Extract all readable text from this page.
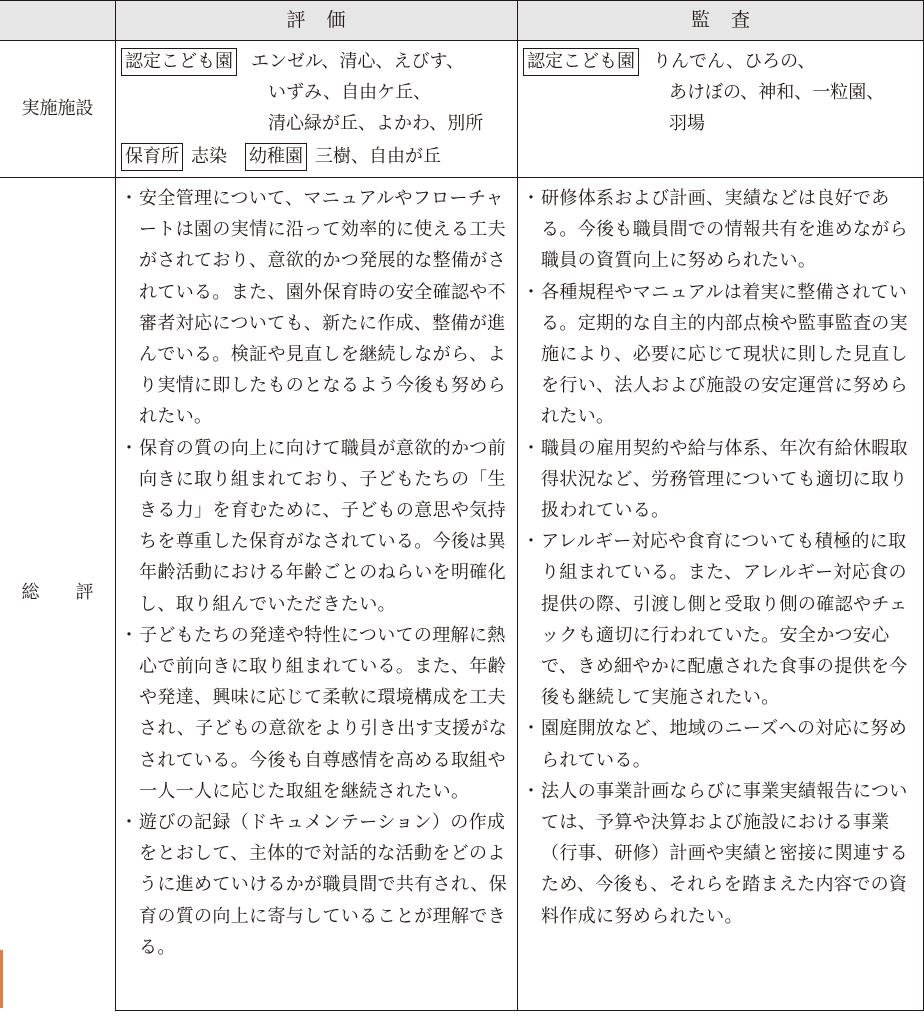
評　価	監　査
実施施設
総　　評
認定こども園 エンゼル、清心、えびす、
いずみ、自由ケ丘、
清心緑が丘、よかわ、別所
保育所 志染 幼稚園 三樹、自由が丘
認定こども園 りんでん、ひろの、
あけぼの、神和、一粒園、
羽場
・ 安全管理について、マニュアルやフローチャートは園の実情に沿って効率的に使える工夫がされており、意欲的かつ発展的な整備がされている。また、園外保育時の安全確認や不審者対応についても、新たに作成、整備が進んでいる。検証や見直しを継続しながら、より実情に即したものとなるよう今後も努められたい。
・ 保育の質の向上に向けて職員が意欲的かつ前向きに取り組まれており、子どもたちの「生きる力」を育むために、子どもの意思や気持ちを尊重した保育がなされている。今後は異年齢活動における年齢ごとのねらいを明確化し、取り組んでいただきたい。
・ 子どもたちの発達や特性についての理解に熱心で前向きに取り組まれている。また、年齢や発達、興味に応じて柔軟に環境構成を工夫され、子どもの意欲をより引き出す支援がなされている。今後も自尊感情を高める取組や一人一人に応じた取組を継続されたい。
・ 遊びの記録（ドキュメンテーション）の作成をとおして、主体的で対話的な活動をどのように進めていけるかが職員間で共有され、保育の質の向上に寄与していることが理解できる。
・ 研修体系および計画、実績などは良好である。今後も職員間での情報共有を進めながら職員の資質向上に努められたい。
・ 各種規程やマニュアルは着実に整備されている。定期的な自主的内部点検や監事監査の実施により、必要に応じて現状に則した見直しを行い、法人および施設の安定運営に努められたい。
・ 職員の雇用契約や給与体系、年次有給休暇取得状況など、労務管理についても適切に取り扱われている。
・ アレルギー対応や食育についても積極的に取り組まれている。また、アレルギー対応食の提供の際、引渡し側と受取り側の確認やチェックも適切に行われていた。安全かつ安心で、きめ細やかに配慮された食事の提供を今後も継続して実施されたい。
・ 園庭開放など、地域のニーズへの対応に努められている。
・ 法人の事業計画ならびに事業実績報告については、予算や決算および施設における事業（行事、研修）計画や実績と密接に関連するため、今後も、それらを踏まえた内容での資料作成に努められたい。
